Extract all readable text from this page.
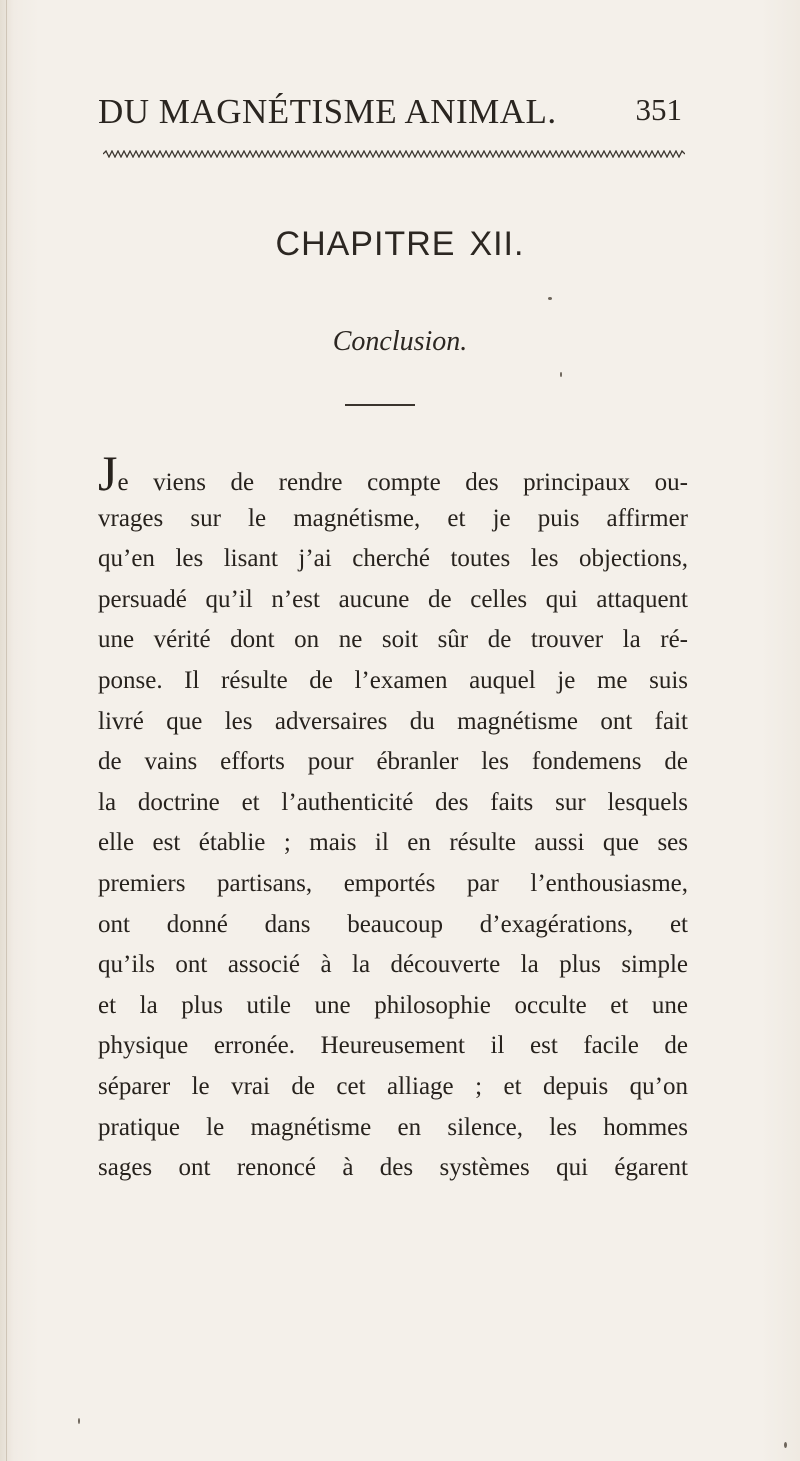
DU MAGNÉTISME ANIMAL.	351
CHAPITRE XII.
Conclusion.
Je viens de rendre compte des principaux ou-
vrages sur le magnétisme, et je puis affirmer
qu’en les lisant j’ai cherché toutes les objections,
persuadé qu’il n’est aucune de celles qui attaquent
une vérité dont on ne soit sûr de trouver la ré-
ponse. Il résulte de l’examen auquel je me suis
livré que les adversaires du magnétisme ont fait
de vains efforts pour ébranler les fondemens de
la doctrine et l’authenticité des faits sur lesquels
elle est établie ; mais il en résulte aussi que ses
premiers partisans, emportés par l’enthousiasme,
ont donné dans beaucoup d’exagérations, et
qu’ils ont associé à la découverte la plus simple
et la plus utile une philosophie occulte et une
physique erronée. Heureusement il est facile de
séparer le vrai de cet alliage ; et depuis qu’on
pratique le magnétisme en silence, les hommes
sages ont renoncé à des systèmes qui égarent
